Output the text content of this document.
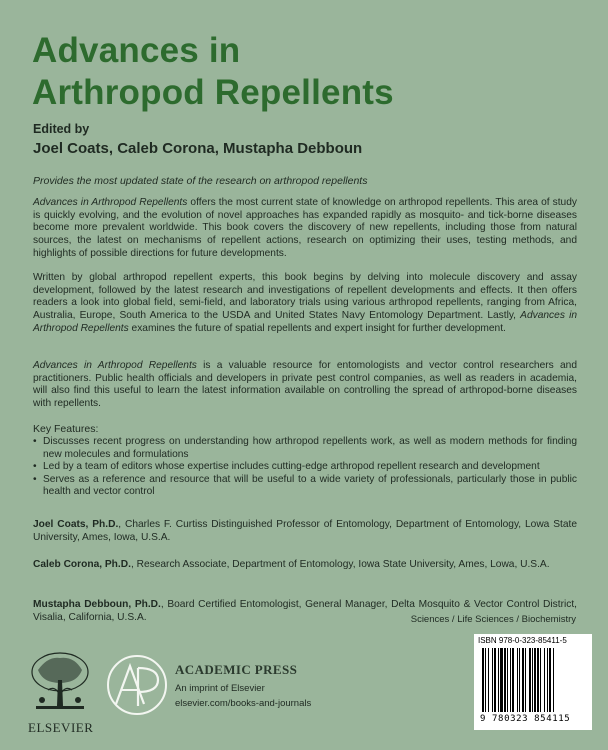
Advances in
Arthropod Repellents
Edited by
Joel Coats, Caleb Corona, Mustapha Debboun
Provides the most updated state of the research on arthropod repellents
Advances in Arthropod Repellents offers the most current state of knowledge on arthropod repellents. This area of study is quickly evolving, and the evolution of novel approaches has expanded rapidly as mosquito- and tick-borne diseases become more prevalent worldwide. This book covers the discovery of new repellents, including those from natural sources, the latest on mechanisms of repellent actions, research on optimizing their uses, testing methods, and highlights of possible directions for future developments.
Written by global arthropod repellent experts, this book begins by delving into molecule discovery and assay development, followed by the latest research and investigations of repellent developments and effects. It then offers readers a look into global field, semi-field, and laboratory trials using various arthropod repellents, ranging from Africa, Australia, Europe, South America to the USDA and United States Navy Entomology Department. Lastly, Advances in Arthropod Repellents examines the future of spatial repellents and expert insight for further development.
Advances in Arthropod Repellents is a valuable resource for entomologists and vector control researchers and practitioners. Public health officials and developers in private pest control companies, as well as readers in academia, will also find this useful to learn the latest information available on controlling the spread of arthropod-borne diseases with repellents.
Key Features:
• Discusses recent progress on understanding how arthropod repellents work, as well as modern methods for finding new molecules and formulations
• Led by a team of editors whose expertise includes cutting-edge arthropod repellent research and development
• Serves as a reference and resource that will be useful to a wide variety of professionals, particularly those in public health and vector control
Joel Coats, Ph.D., Charles F. Curtiss Distinguished Professor of Entomology, Department of Entomology, Lowa State University, Ames, Iowa, U.S.A.
Caleb Corona, Ph.D., Research Associate, Department of Entomology, Iowa State University, Ames, Lowa, U.S.A.
Mustapha Debboun, Ph.D., Board Certified Entomologist, General Manager, Delta Mosquito & Vector Control District, Visalia, California, U.S.A.	Sciences / Life Sciences / Biochemistry
ISBN 978-0-323-85411-5
9 780323 854115
ELSEVIER
ACADEMIC PRESS
An imprint of Elsevier
elsevier.com/books-and-journals
